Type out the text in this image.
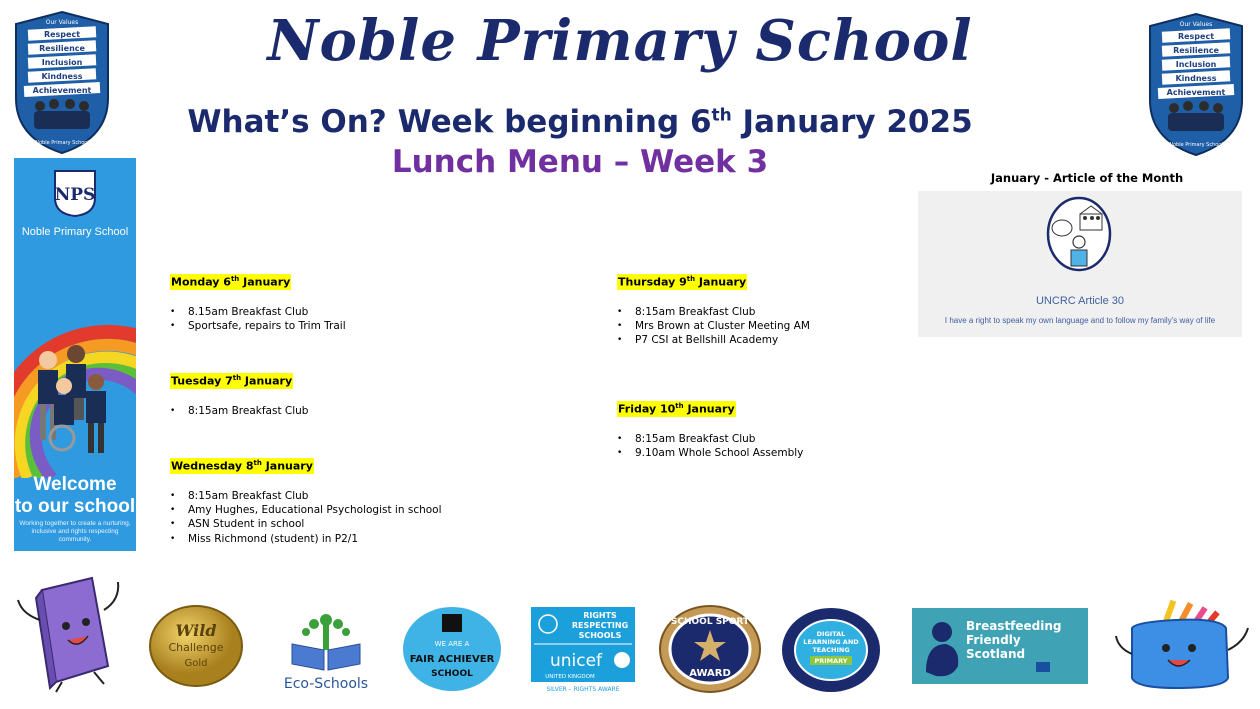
Noble Primary School
What’s On? Week beginning 6th January 2025
Lunch Menu – Week 3
Our Values
Respect
Resilience
Inclusion
Kindness
Achievement
Noble Primary School
Our Values
Respect
Resilience
Inclusion
Kindness
Achievement
Noble Primary School
NPS
Noble Primary School
Welcome
to our school
Working together to create a nurturing, inclusive and rights respecting community.
Monday 6th January
• 8.15am Breakfast Club
• Sportsafe, repairs to Trim Trail
Tuesday 7th January
• 8:15am Breakfast Club
Wednesday 8th January
• 8:15am Breakfast Club
• Amy Hughes, Educational Psychologist in school
• ASN Student in school
• Miss Richmond (student) in P2/1
Thursday 9th January
• 8:15am Breakfast Club
• Mrs Brown at Cluster Meeting AM
• P7 CSI at Bellshill Academy
Friday 10th January
• 8:15am Breakfast Club
• 9.10am Whole School Assembly
January - Article of the Month
UNCRC Article 30
I have a right to speak my own language and to follow my family’s way of life
Wild
Challenge
Gold
Eco-Schools
WE ARE A
FAIR ACHIEVER
SCHOOL
RIGHTS
RESPECTING
SCHOOLS
unicef
UNITED KINGDOM
SILVER – RIGHTS AWARE
SCHOOL SPORT
AWARD
DIGITAL
LEARNING AND
TEACHING
PRIMARY
Breastfeeding
Friendly
Scotland
